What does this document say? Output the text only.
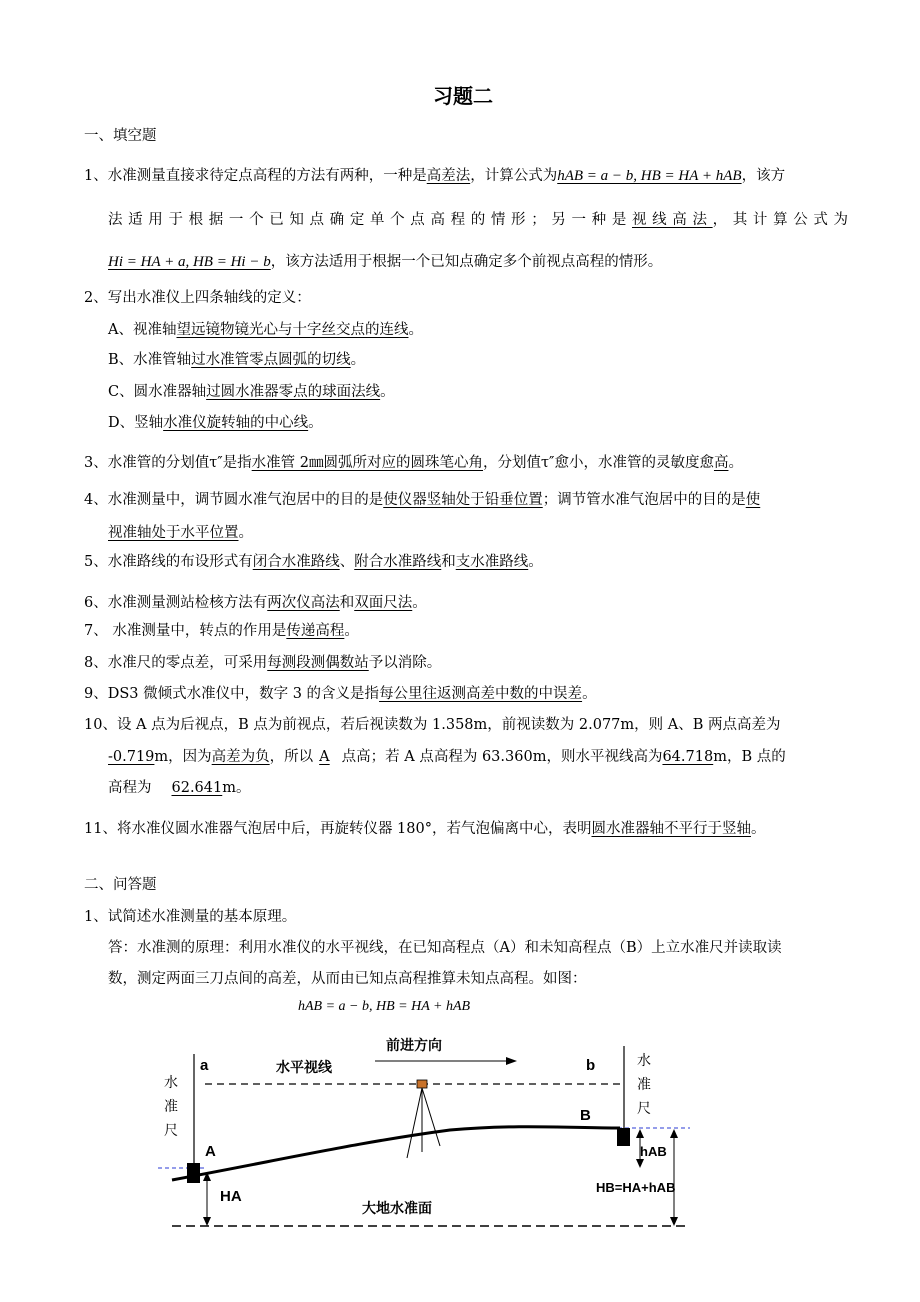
习题二
一、填空题
1、水准测量直接求待定点高程的方法有两种，一种是高差法，计算公式为hAB = a − b, HB = HA + hAB，该方
法适用于根据一个已知点确定单个点高程的情形；另一种是视线高法，其计算公式为
Hi = HA + a, HB = Hi − b，该方法适用于根据一个已知点确定多个前视点高程的情形。
2、写出水准仪上四条轴线的定义：
A、视准轴望远镜物镜光心与十字丝交点的连线。
B、水准管轴过水准管零点圆弧的切线。
C、圆水准器轴过圆水准器零点的球面法线。
D、竖轴水准仪旋转轴的中心线。
3、水准管的分划值τ″是指水准管 2㎜圆弧所对应的圆珠笔心角，分划值τ″愈小，水准管的灵敏度愈高。
4、水准测量中，调节圆水准气泡居中的目的是使仪器竖轴处于铅垂位置；调节管水准气泡居中的目的是使
视准轴处于水平位置。
5、水准路线的布设形式有闭合水准路线、附合水准路线和支水准路线。
6、水准测量测站检核方法有两次仪高法和双面尺法。
7、 水准测量中，转点的作用是传递高程。
8、水准尺的零点差，可采用每测段测偶数站予以消除。
9、DS3 微倾式水准仪中，数字 3 的含义是指每公里往返测高差中数的中误差。
10、设 A 点为后视点，B 点为前视点，若后视读数为 1.358m，前视读数为 2.077m，则 A、B 两点高差为
-0.719m，因为高差为负，所以 A 点高；若 A 点高程为 63.360m，则水平视线高为64.718m，B 点的
高程为 62.641m。
11、将水准仪圆水准器气泡居中后，再旋转仪器 180°，若气泡偏离中心，表明圆水准器轴不平行于竖轴。
二、问答题
1、试简述水准测量的基本原理。
答：水准测的原理：利用水准仪的水平视线，在已知高程点（A）和未知高程点（B）上立水准尺并读取读
数，测定两面三刀点间的高差，从而由已知点高程推算未知点高程。如图：
hAB = a − b, HB = HA + hAB
a	b
水平视线
前进方向
水
准
尺
水
准
尺
A
B
HA
hAB
HB=HA+hAB
大地水准面
